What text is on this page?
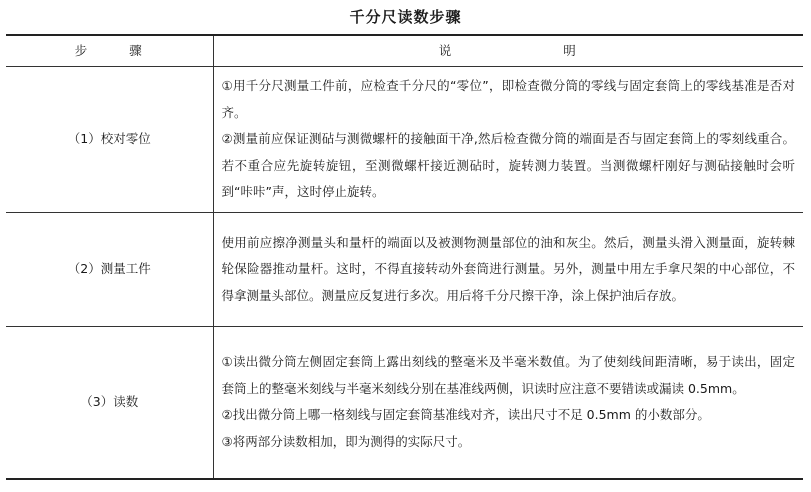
千分尺读数步骤
步 骤	说 明
（1）校对零位	①用千分尺测量工件前，应检查千分尺的“零位”，即检查微分筒的零线与固定套筒上的零线基准是否对齐。

②测量前应保证测砧与测微螺杆的接触面干净,然后检查微分筒的端面是否与固定套筒上的零刻线重合。若不重合应先旋转旋钮，至测微螺杆接近测砧时，旋转测力装置。当测微螺杆刚好与测砧接触时会听到“咔咔”声，这时停止旋转。

（2）测量工件	使用前应擦净测量头和量杆的端面以及被测物测量部位的油和灰尘。然后，测量头滑入测量面，旋转棘轮保险器推动量杆。这时，不得直接转动外套筒进行测量。另外，测量中用左手拿尺架的中心部位，不得拿测量头部位。测量应反复进行多次。用后将千分尺擦干净，涂上保护油后存放。

（3）读数	①读出微分筒左侧固定套筒上露出刻线的整毫米及半毫米数值。为了使刻线间距清晰，易于读出，固定套筒上的整毫米刻线与半毫米刻线分别在基准线两侧，识读时应注意不要错读或漏读 0.5mm。

②找出微分筒上哪一格刻线与固定套筒基准线对齐，读出尺寸不足 0.5mm 的小数部分。

③将两部分读数相加，即为测得的实际尺寸。
